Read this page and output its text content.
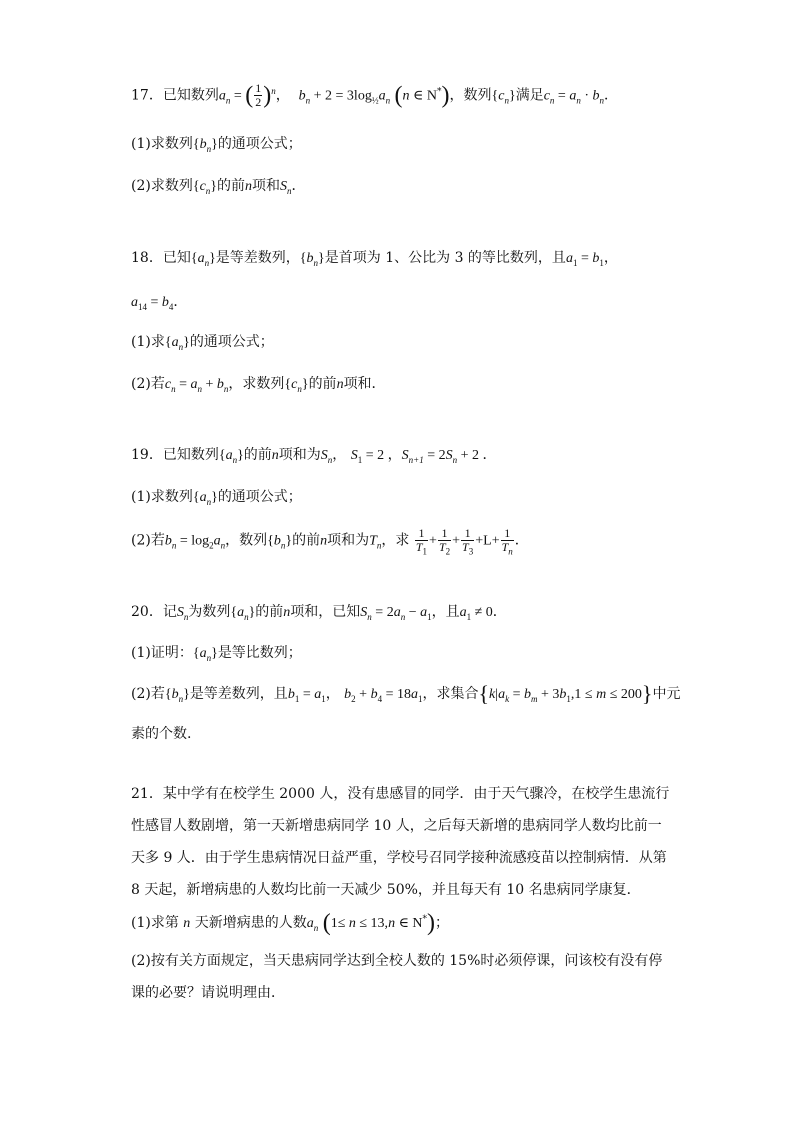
17．已知数列$a_n$ = ( $\frac{1}{2} )^n$， $b_n + 2 = 3\log_{\frac{1}{2}}a_n$ (n ∈ N*)，数列$\{c_n\}$满足$c_n = a_n \cdot b_n$．
(1)求数列$\{b_n\}$的通项公式；
(2)求数列$\{c_n\}$的前n项和$S_n$．
18．已知$\{a_n\}$是等差数列，$\{b_n\}$是首项为 1、公比为 3 的等比数列，且$a_1 = b_1$，
$a_{14} = b_4$．
(1)求$\{a_n\}$的通项公式；
(2)若$c_n = a_n + b_n$，求数列$\{c_n\}$的前n项和．
19．已知数列$\{a_n\}$的前n项和为$S_n$， $S_1 = 2$ ，$S_{n+1} = 2S_n + 2$ ．
(1)求数列$\{a_n\}$的通项公式；
(2)若$b_n = \log_2a_n$，数列$\{b_n\}$的前n项和为$T_n$，求 $\frac{1}{T_1} + \frac{1}{T_2} + \frac{1}{T_3} +L+ \frac{1}{T_n}$ ．
20．记$S_n$为数列$\{a_n\}$的前n项和，已知$S_n = 2a_n - a_1$，且$a_1 \ne 0$．
(1)证明：$\{a_n\}$是等比数列；
(2)若$\{b_n\}$是等差数列，且$b_1 = a_1$， $b_2 + b_4 = 18a_1$，求集合$\{k|a_k = b_m + 3b_1,1 \le m \le 200\}$中元
素的个数.
21．某中学有在校学生 2000 人，没有患感冒的同学．由于天气骤冷，在校学生患流行
性感冒人数剧增，第一天新增患病同学 10 人，之后每天新增的患病同学人数均比前一
天多 9 人．由于学生患病情况日益严重，学校号召同学接种流感疫苗以控制病情．从第
8 天起，新增病患的人数均比前一天减少 50%，并且每天有 10 名患病同学康复．
(1)求第 n 天新增病患的人数$a_n$ (1≤ n ≤ 13,n ∈ N*)；
(2)按有关方面规定，当天患病同学达到全校人数的 15%时必须停课，问该校有没有停
课的必要？请说明理由．
